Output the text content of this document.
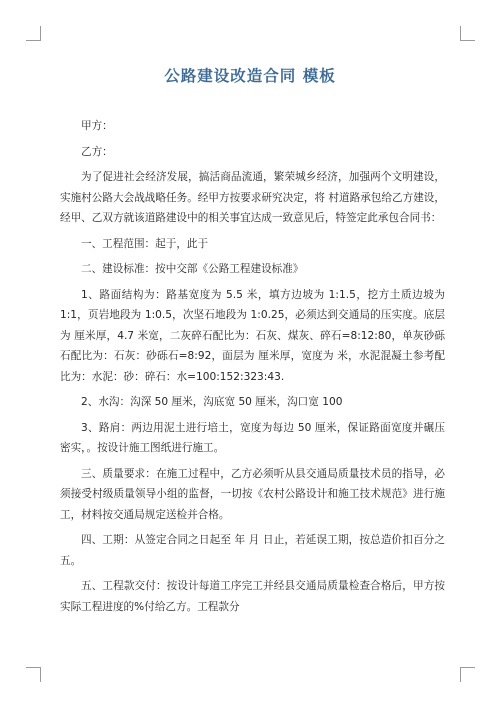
公路建设改造合同 模板

甲方：

乙方：

为了促进社会经济发展，搞活商品流通，繁荣城乡经济，加强两个文明建设，实施村公路大会战战略任务。经甲方按要求研究决定，将 村道路承包给乙方建设，经甲、乙双方就该道路建设中的相关事宜达成一致意见后，特签定此承包合同书：

一、工程范围：起于，此于

二、建设标准：按中交部《公路工程建设标准》

1、路面结构为：路基宽度为 5.5 米，填方边坡为 1:1.5，挖方土质边坡为 1:1，页岩地段为 1:0.5，次坚石地段为 1:0.25，必须达到交通局的压实度。底层为 厘米厚，4.7 米宽，二灰碎石配比为：石灰、煤灰、碎石=8:12:80，单灰砂砾石配比为：石灰：砂砾石=8:92，面层为 厘米厚，宽度为 米，水泥混凝土参考配比为：水泥：砂：碎石：水=100:152:323:43.

2、水沟：沟深 50 厘米，沟底宽 50 厘米，沟口宽 100

3、路肩：两边用泥土进行培土，宽度为每边 50 厘米，保证路面宽度并碾压密实，。按设计施工图纸进行施工。

三、质量要求：在施工过程中，乙方必须听从县交通局质量技术员的指导，必须接受村级质量领导小组的监督，一切按《农村公路设计和施工技术规范》进行施工，材料按交通局规定送检并合格。

四、工期：从签定合同之日起至 年 月 日止，若延误工期，按总造价扣百分之五。

五、工程款交付：按设计每道工序完工并经县交通局质量检查合格后，甲方按实际工程进度的%付给乙方。工程款分
